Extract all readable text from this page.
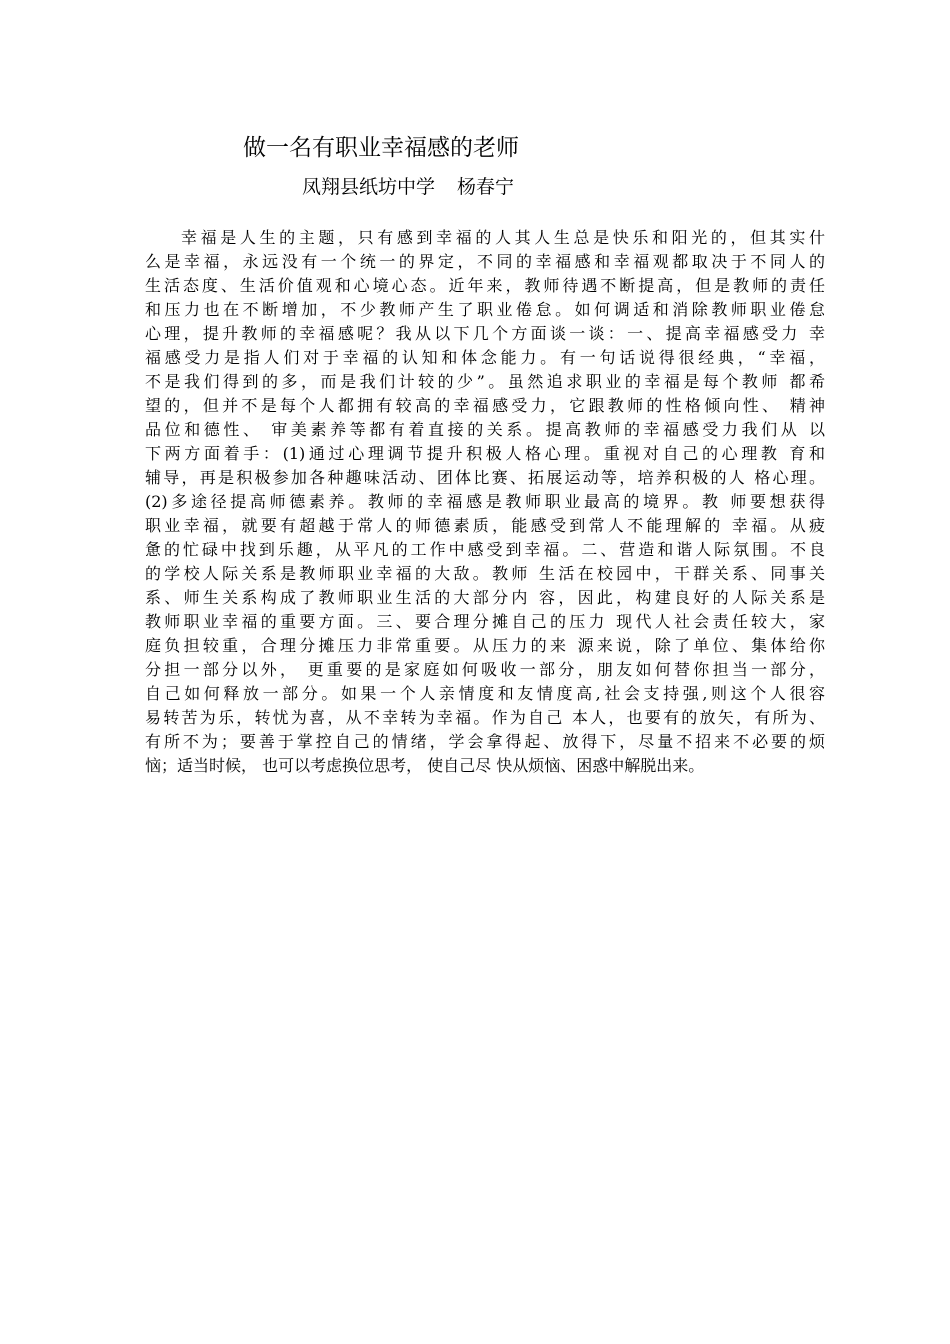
做一名有职业幸福感的老师
凤翔县纸坊中学 杨春宁
幸福是人生的主题，只有感到幸福的人其人生总是快乐和阳光的，但其实什
么是幸福，永远没有一个统一的界定，不同的幸福感和幸福观都取决于不同人的
生活态度、生活价值观和心境心态。近年来，教师待遇不断提高，但是教师的责任
和压力也在不断增加，不少教师产生了职业倦怠。如何调适和消除教师职业倦怠
心理，提升教师的幸福感呢？我从以下几个方面谈一谈：一、提高幸福感受力 幸
福感受力是指人们对于幸福的认知和体念能力。有一句话说得很经典，“幸福，
不是我们得到的多，而是我们计较的少”。虽然追求职业的幸福是每个教师 都希
望的，但并不是每个人都拥有较高的幸福感受力，它跟教师的性格倾向性、 精神
品位和德性、 审美素养等都有着直接的关系。提高教师的幸福感受力我们从 以
下两方面着手：(1)通过心理调节提升积极人格心理。重视对自己的心理教 育和
辅导，再是积极参加各种趣味活动、团体比赛、拓展运动等，培养积极的人 格心理。
(2)多途径提高师德素养。教师的幸福感是教师职业最高的境界。教 师要想获得
职业幸福，就要有超越于常人的师德素质，能感受到常人不能理解的 幸福。从疲
惫的忙碌中找到乐趣，从平凡的工作中感受到幸福。二、营造和谐人际氛围。不良
的学校人际关系是教师职业幸福的大敌。教师 生活在校园中，干群关系、同事关
系、师生关系构成了教师职业生活的大部分内 容，因此，构建良好的人际关系是
教师职业幸福的重要方面。三、要合理分摊自己的压力 现代人社会责任较大，家
庭负担较重，合理分摊压力非常重要。从压力的来 源来说，除了单位、集体给你
分担一部分以外， 更重要的是家庭如何吸收一部分，朋友如何替你担当一部分，
自己如何释放一部分。如果一个人亲情度和友情度高,社会支持强,则这个人很容
易转苦为乐，转忧为喜，从不幸转为幸福。作为自己 本人，也要有的放矢，有所为、
有所不为；要善于掌控自己的情绪，学会拿得起、放得下，尽量不招来不必要的烦
恼；适当时候， 也可以考虑换位思考， 使自己尽 快从烦恼、困惑中解脱出来。
